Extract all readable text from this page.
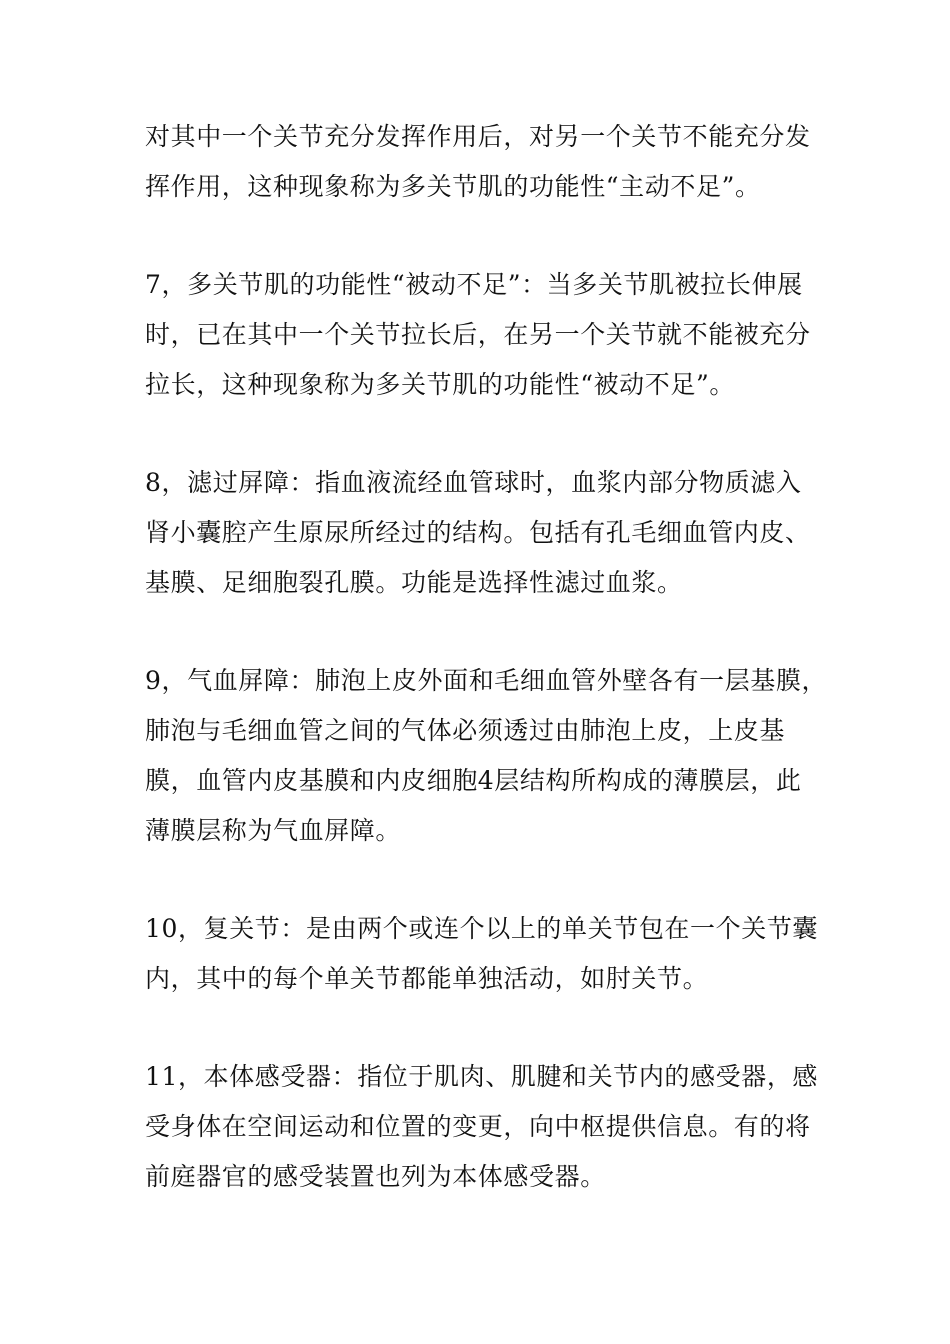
对其中一个关节充分发挥作用后，对另一个关节不能充分发
挥作用，这种现象称为多关节肌的功能性“主动不足”。

7，多关节肌的功能性“被动不足”：当多关节肌被拉长伸展
时，已在其中一个关节拉长后，在另一个关节就不能被充分
拉长，这种现象称为多关节肌的功能性“被动不足”。

8，滤过屏障：指血液流经血管球时，血浆内部分物质滤入
肾小囊腔产生原尿所经过的结构。包括有孔毛细血管内皮、
基膜、足细胞裂孔膜。功能是选择性滤过血浆。

9，气血屏障：肺泡上皮外面和毛细血管外壁各有一层基膜，
肺泡与毛细血管之间的气体必须透过由肺泡上皮，上皮基
膜，血管内皮基膜和内皮细胞4层结构所构成的薄膜层，此
薄膜层称为气血屏障。

10，复关节：是由两个或连个以上的单关节包在一个关节囊
内，其中的每个单关节都能单独活动，如肘关节。

11，本体感受器：指位于肌肉、肌腱和关节内的感受器，感
受身体在空间运动和位置的变更，向中枢提供信息。有的将
前庭器官的感受装置也列为本体感受器。
